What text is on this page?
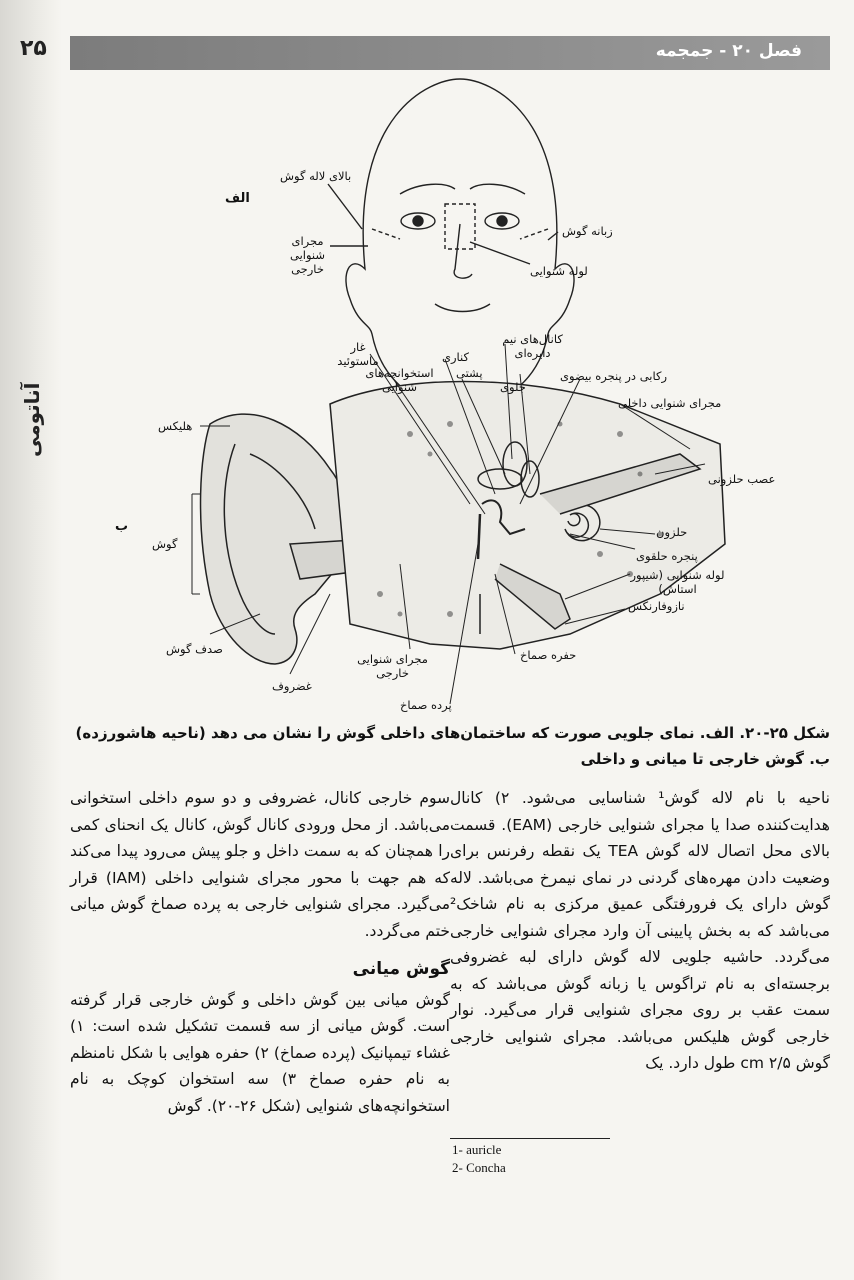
۲۵	فصل ۲۰ - جمجمه
آناتومی
بالای لاله گوش
الف
مجرای شنوایی خارجی
زبانه گوش
لوله شنوایی
هلیکس
ب
گوش
صدف گوش
غضروف
مجرای شنوایی خارجی
پرده صماخ
حفره صماخ
غار ماستوئید
استخوانچه‌های شنوایی
کناری
پشتی
کانال‌های نیم دایره‌ای
جلوی
رکابی در پنجره بیضوی
مجرای شنوایی داخلی
عصب حلزونی
حلزون
پنجره حلقوی
لوله شنوایی (شیپور استاش)
نازوفارنکس
شکل ۲۵-۲۰. الف. نمای جلویی صورت که ساختمان‌های داخلی گوش را نشان می دهد (ناحیه هاشورزده) ب. گوش خارجی تا میانی و داخلی

ناحیه با نام لاله گوش¹ شناسایی می‌شود. ۲) کانال هدایت‌کننده صدا یا مجرای شنوایی خارجی (EAM). قسمت بالای محل اتصال لاله گوش TEA یک نقطه رفرنس برای وضعیت دادن مهره‌های گردنی در نمای نیمرخ می‌باشد. لاله گوش دارای یک فرورفتگی عمیق مرکزی به نام شاخک² می‌باشد که به بخش پایینی آن وارد مجرای شنوایی خارجی می‌گردد. حاشیه جلویی لاله گوش دارای لبه غضروفی برجسته‌ای به نام تراگوس یا زبانه گوش می‌باشد که به سمت عقب بر روی مجرای شنوایی قرار می‌گیرد. نوار خارجی گوش هلیکس می‌باشد. مجرای شنوایی خارجی گوش ۲/۵ cm طول دارد. یک

سوم خارجی کانال، غضروفی و دو سوم داخلی استخوانی می‌باشد. از محل ورودی کانال گوش، کانال یک انحنای کمی را همچنان که به سمت داخل و جلو پیش می‌رود پیدا می‌کند که هم جهت با محور مجرای شنوایی داخلی (IAM) قرار می‌گیرد. مجرای شنوایی خارجی به پرده صماخ گوش میانی ختم می‌گردد.

گوش میانی

گوش میانی بین گوش داخلی و گوش خارجی قرار گرفته است. گوش میانی از سه قسمت تشکیل شده است: ۱) غشاء تیمپانیک (پرده صماخ) ۲) حفره هوایی با شکل نامنظم به نام حفره صماخ ۳) سه استخوان کوچک به نام استخوانچه‌های شنوایی (شکل ۲۶-۲۰). گوش

1- auricle
2- Concha
